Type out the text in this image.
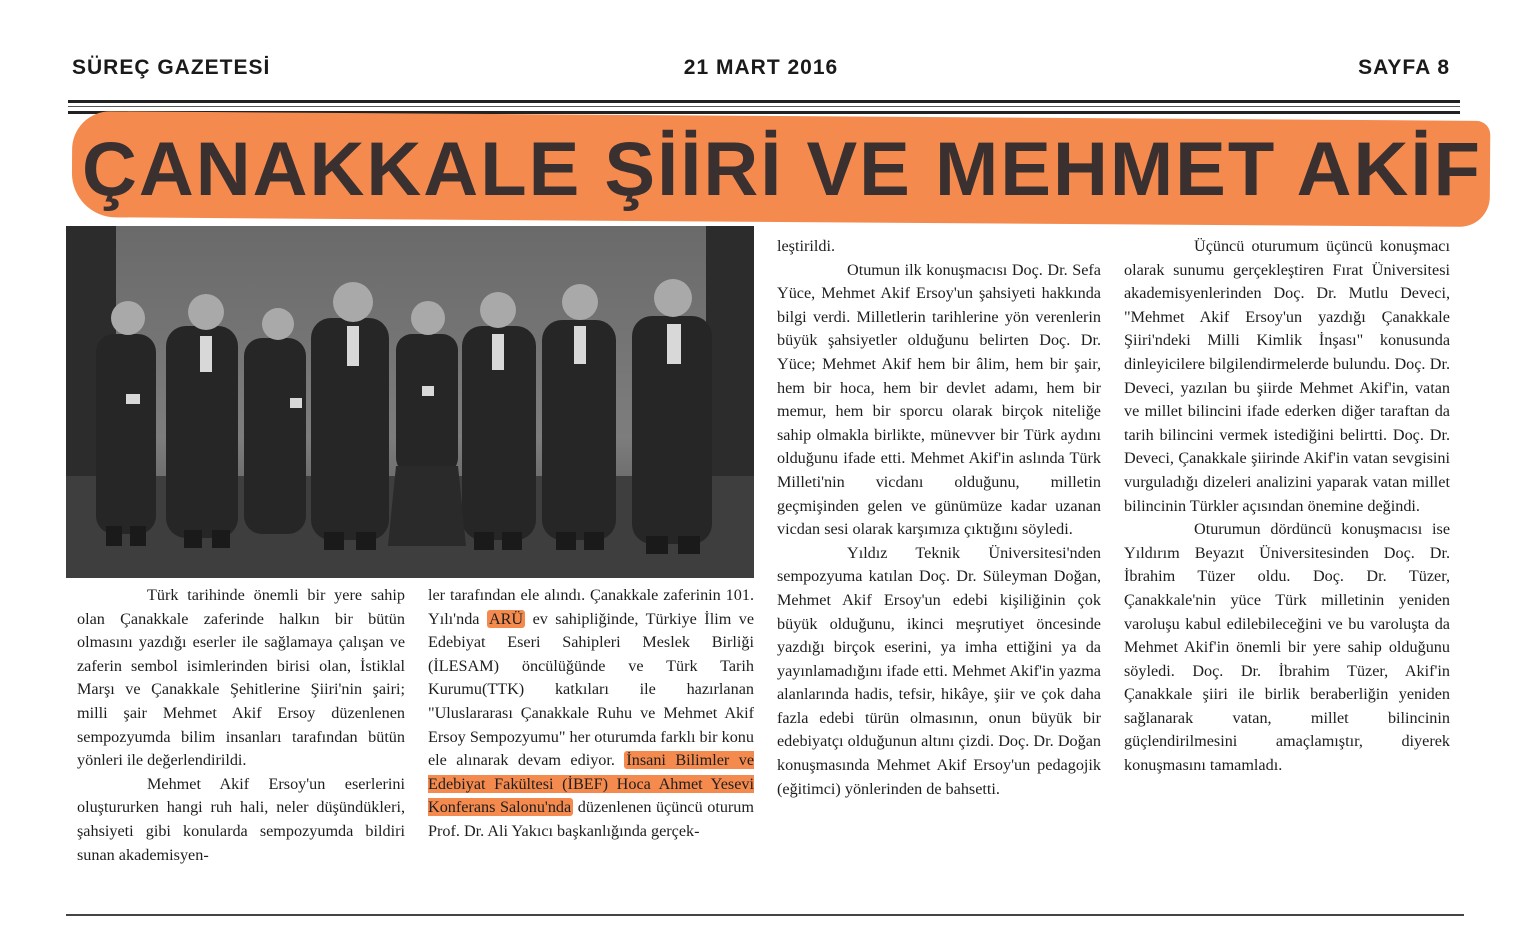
SÜREÇ GAZETESİ	21 MART 2016	SAYFA 8
ÇANAKKALE ŞİİRİ VE MEHMET AKİF

Türk tarihinde önemli bir yere sahip olan Çanakkale zaferinde halkın bir bütün olmasını yazdığı eserler ile sağlamaya çalışan ve zaferin sembol isimlerinden birisi olan, İstiklal Marşı ve Çanakkale Şehitlerine Şiiri'nin şairi; milli şair Mehmet Akif Ersoy düzenlenen sempozyumda bilim insanları tarafından bütün yönleri ile değerlendirildi.

Mehmet Akif Ersoy'un eserlerini oluştururken hangi ruh hali, neler düşündükleri, şahsiyeti gibi konularda sempozyumda bildiri sunan akademisyen-

ler tarafından ele alındı. Çanakkale zaferinin 101. Yılı'nda ARÜ ev sahipliğinde, Türkiye İlim ve Edebiyat Eseri Sahipleri Meslek Birliği (İLESAM) öncülüğünde ve Türk Tarih Kurumu(TTK) katkıları ile hazırlanan "Uluslararası Çanakkale Ruhu ve Mehmet Akif Ersoy Sempozyumu" her oturumda farklı bir konu ele alınarak devam ediyor. İnsani Bilimler ve Edebiyat Fakültesi (İBEF) Hoca Ahmet Yesevi Konferans Salonu'nda düzenlenen üçüncü oturum Prof. Dr. Ali Yakıcı başkanlığında gerçek-

leştirildi.

Otumun ilk konuşmacısı Doç. Dr. Sefa Yüce, Mehmet Akif Ersoy'un şahsiyeti hakkında bilgi verdi. Milletlerin tarihlerine yön verenlerin büyük şahsiyetler olduğunu belirten Doç. Dr. Yüce; Mehmet Akif hem bir âlim, hem bir şair, hem bir hoca, hem bir devlet adamı, hem bir memur, hem bir sporcu olarak birçok niteliğe sahip olmakla birlikte, münevver bir Türk aydını olduğunu ifade etti. Mehmet Akif'in aslında Türk Milleti'nin vicdanı olduğunu, milletin geçmişinden gelen ve günümüze kadar uzanan vicdan sesi olarak karşımıza çıktığını söyledi.

Yıldız Teknik Üniversitesi'nden sempozyuma katılan Doç. Dr. Süleyman Doğan, Mehmet Akif Ersoy'un edebi kişiliğinin çok büyük olduğunu, ikinci meşrutiyet öncesinde yazdığı birçok eserini, ya imha ettiğini ya da yayınlamadığını ifade etti. Mehmet Akif'in yazma alanlarında hadis, tefsir, hikâye, şiir ve çok daha fazla edebi türün olmasının, onun büyük bir edebiyatçı olduğunun altını çizdi. Doç. Dr. Doğan konuşmasında Mehmet Akif Ersoy'un pedagojik (eğitimci) yönlerinden de bahsetti.

Üçüncü oturumum üçüncü konuşmacı olarak sunumu gerçekleştiren Fırat Üniversitesi akademisyenlerinden Doç. Dr. Mutlu Deveci, "Mehmet Akif Ersoy'un yazdığı Çanakkale Şiiri'ndeki Milli Kimlik İnşası" konusunda dinleyicilere bilgilendirmelerde bulundu. Doç. Dr. Deveci, yazılan bu şiirde Mehmet Akif'in, vatan ve millet bilincini ifade ederken diğer taraftan da tarih bilincini vermek istediğini belirtti. Doç. Dr. Deveci, Çanakkale şiirinde Akif'in vatan sevgisini vurguladığı dizeleri analizini yaparak vatan millet bilincinin Türkler açısından önemine değindi.

Oturumun dördüncü konuşmacısı ise Yıldırım Beyazıt Üniversitesinden Doç. Dr. İbrahim Tüzer oldu. Doç. Dr. Tüzer, Çanakkale'nin yüce Türk milletinin yeniden varoluşu kabul edilebileceğini ve bu varoluşta da Mehmet Akif'in önemli bir yere sahip olduğunu söyledi. Doç. Dr. İbrahim Tüzer, Akif'in Çanakkale şiiri ile birlik beraberliğin yeniden sağlanarak vatan, millet bilincinin güçlendirilmesini amaçlamıştır, diyerek konuşmasını tamamladı.
